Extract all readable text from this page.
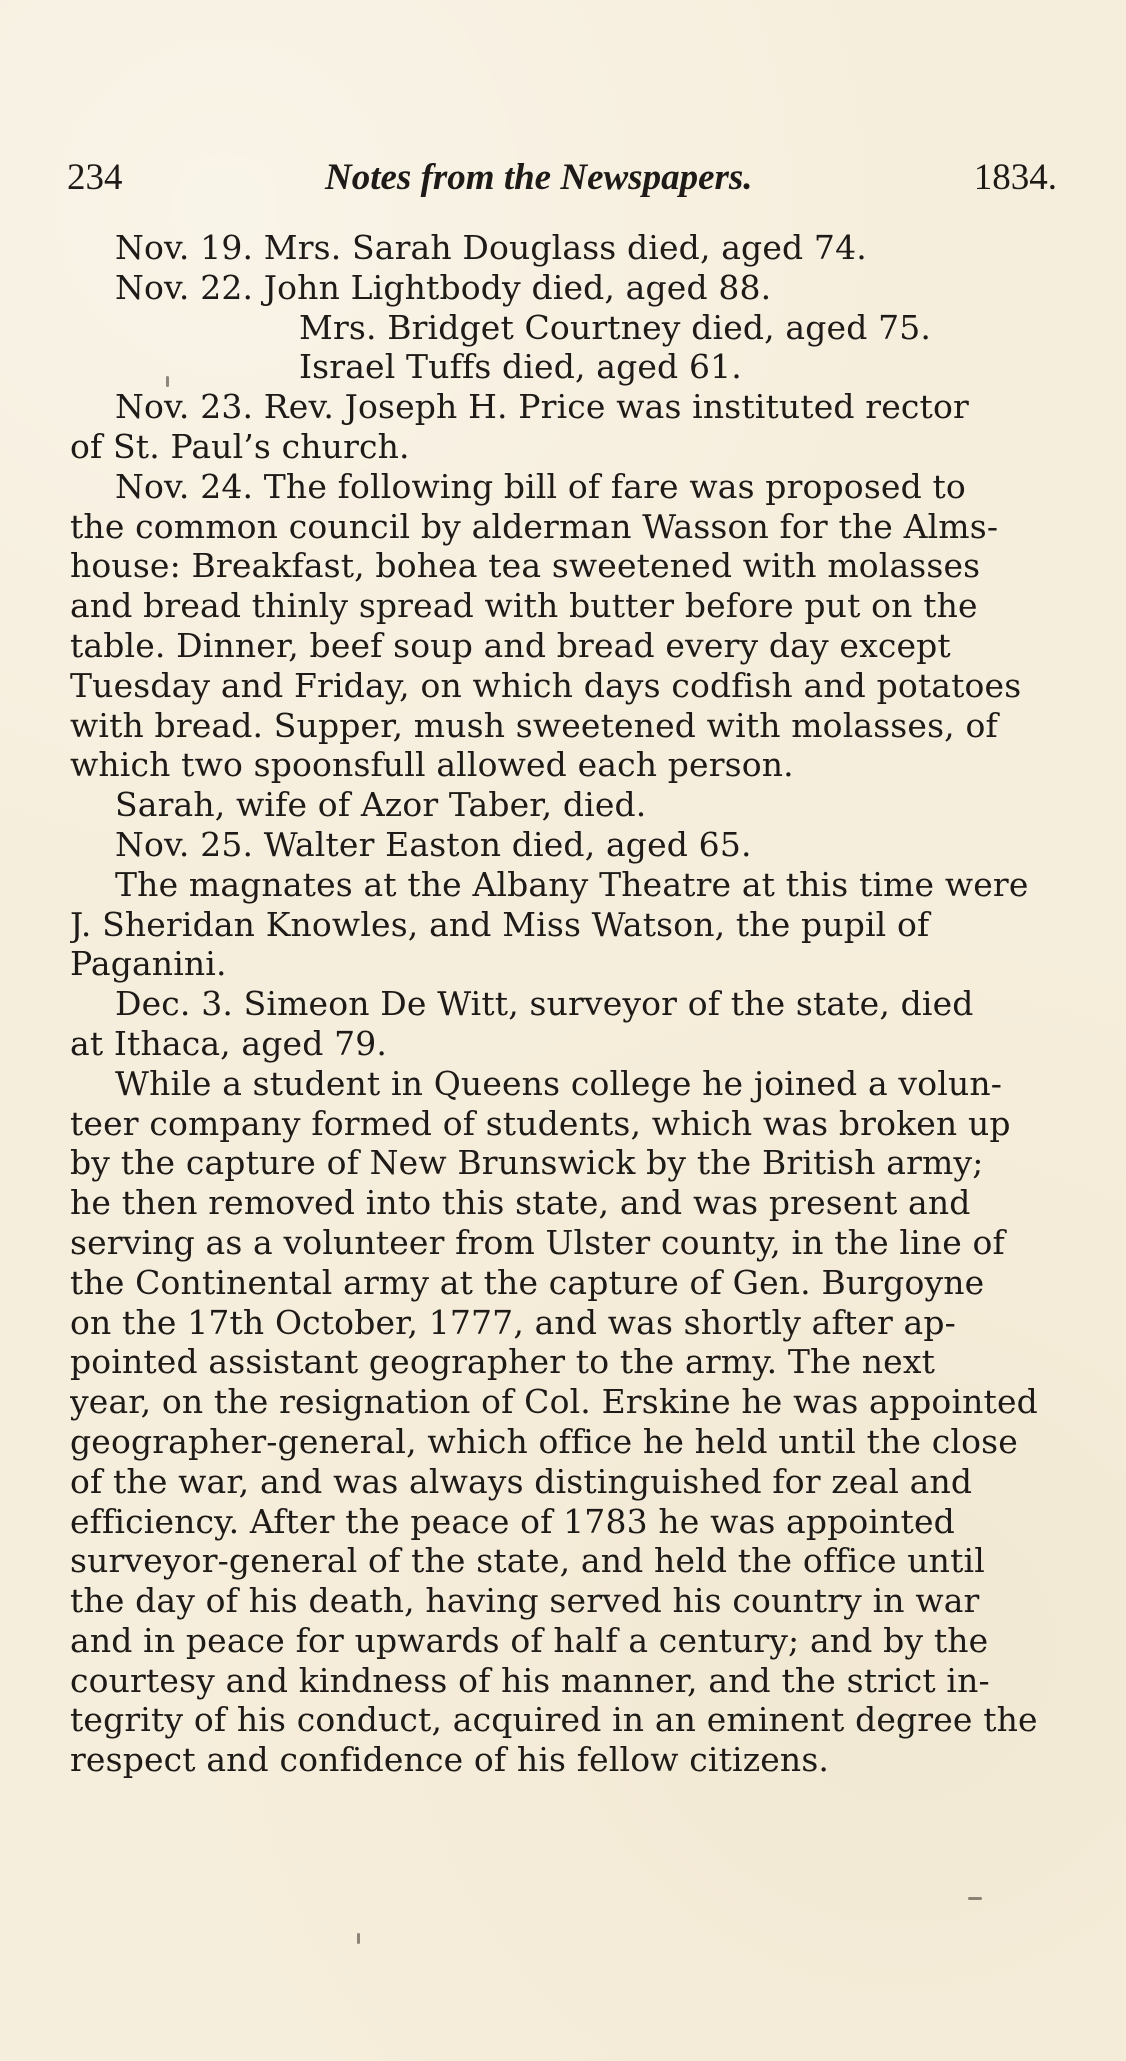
234	Notes from the Newspapers.	1834.
Nov. 19. Mrs. Sarah Douglass died, aged 74.
Nov. 22. John Lightbody died, aged 88.
Mrs. Bridget Courtney died, aged 75.
Israel Tuffs died, aged 61.
Nov. 23. Rev. Joseph H. Price was instituted rector
of St. Paul’s church.
Nov. 24. The following bill of fare was proposed to
the common council by alderman Wasson for the Alms-
house: Breakfast, bohea tea sweetened with molasses
and bread thinly spread with butter before put on the
table. Dinner, beef soup and bread every day except
Tuesday and Friday, on which days codfish and potatoes
with bread. Supper, mush sweetened with molasses, of
which two spoonsfull allowed each person.
Sarah, wife of Azor Taber, died.
Nov. 25. Walter Easton died, aged 65.
The magnates at the Albany Theatre at this time were
J. Sheridan Knowles, and Miss Watson, the pupil of
Paganini.
Dec. 3. Simeon De Witt, surveyor of the state, died
at Ithaca, aged 79.
While a student in Queens college he joined a volun-
teer company formed of students, which was broken up
by the capture of New Brunswick by the British army;
he then removed into this state, and was present and
serving as a volunteer from Ulster county, in the line of
the Continental army at the capture of Gen. Burgoyne
on the 17th October, 1777, and was shortly after ap-
pointed assistant geographer to the army. The next
year, on the resignation of Col. Erskine he was appointed
geographer-general, which office he held until the close
of the war, and was always distinguished for zeal and
efficiency. After the peace of 1783 he was appointed
surveyor-general of the state, and held the office until
the day of his death, having served his country in war
and in peace for upwards of half a century; and by the
courtesy and kindness of his manner, and the strict in-
tegrity of his conduct, acquired in an eminent degree the
respect and confidence of his fellow citizens.
